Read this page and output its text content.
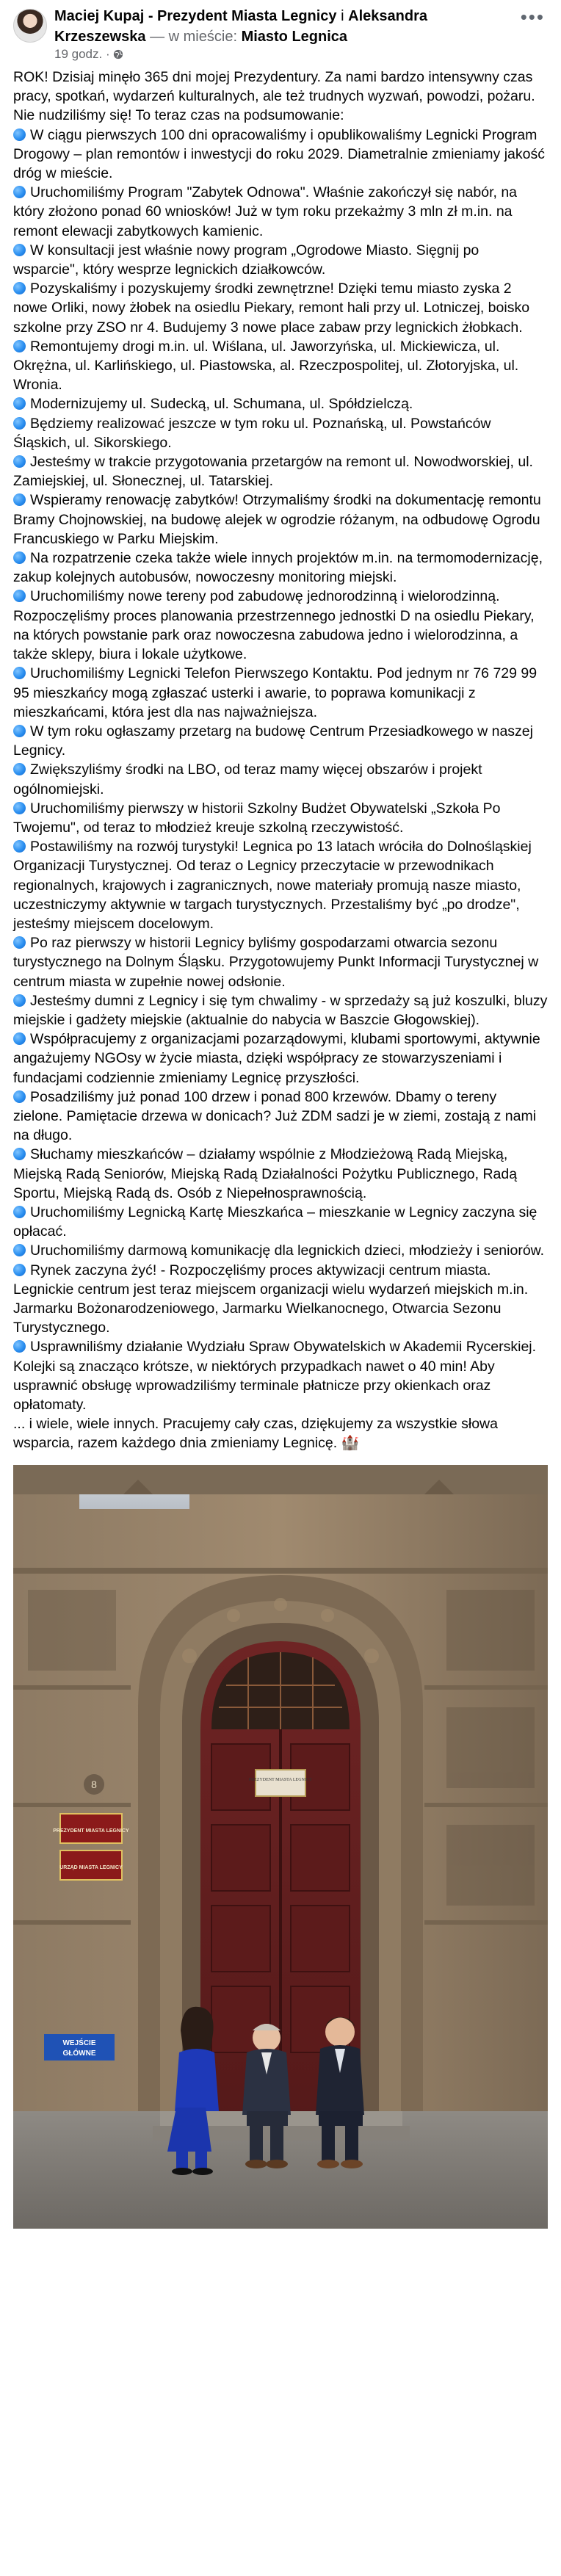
Maciej Kupaj - Prezydent Miasta Legnicy i Aleksandra Krzeszewska — w mieście: Miasto Legnica
19 godz. ·
•••

ROK! Dzisiaj minęło 365 dni mojej Prezydentury. Za nami bardzo intensywny czas pracy, spotkań, wydarzeń kulturalnych, ale też trudnych wyzwań, powodzi, pożaru. Nie nudziliśmy się! To teraz czas na podsumowanie:

W ciągu pierwszych 100 dni opracowaliśmy i opublikowaliśmy Legnicki Program Drogowy – plan remontów i inwestycji do roku 2029. Diametralnie zmieniamy jakość dróg w mieście.

Uruchomiliśmy Program "Zabytek Odnowa". Właśnie zakończył się nabór, na który złożono ponad 60 wniosków! Już w tym roku przekażmy 3 mln zł m.in. na remont elewacji zabytkowych kamienic.

W konsultacji jest właśnie nowy program „Ogrodowe Miasto. Sięgnij po wsparcie", który wesprze legnickich działkowców.

Pozyskaliśmy i pozyskujemy środki zewnętrzne! Dzięki temu miasto zyska 2 nowe Orliki, nowy żłobek na osiedlu Piekary, remont hali przy ul. Lotniczej, boisko szkolne przy ZSO nr 4. Budujemy 3 nowe place zabaw przy legnickich żłobkach.

Remontujemy drogi m.in. ul. Wiślana, ul. Jaworzyńska, ul. Mickiewicza, ul. Okrężna, ul. Karlińskiego, ul. Piastowska, al. Rzeczpospolitej, ul. Złotoryjska, ul. Wronia.

Modernizujemy ul. Sudecką, ul. Schumana, ul. Spółdzielczą.

Będziemy realizować jeszcze w tym roku ul. Poznańską, ul. Powstańców Śląskich, ul. Sikorskiego.

Jesteśmy w trakcie przygotowania przetargów na remont ul. Nowodworskiej, ul. Zamiejskiej, ul. Słonecznej, ul. Tatarskiej.

Wspieramy renowację zabytków! Otrzymaliśmy środki na dokumentację remontu Bramy Chojnowskiej, na budowę alejek w ogrodzie różanym, na odbudowę Ogrodu Francuskiego w Parku Miejskim.

Na rozpatrzenie czeka także wiele innych projektów m.in. na termomodernizację, zakup kolejnych autobusów, nowoczesny monitoring miejski.

Uruchomiliśmy nowe tereny pod zabudowę jednorodzinną i wielorodzinną. Rozpoczęliśmy proces planowania przestrzennego jednostki D na osiedlu Piekary, na których powstanie park oraz nowoczesna zabudowa jedno i wielorodzinna, a także sklepy, biura i lokale użytkowe.

Uruchomiliśmy Legnicki Telefon Pierwszego Kontaktu. Pod jednym nr 76 729 99 95 mieszkańcy mogą zgłaszać usterki i awarie, to poprawa komunikacji z mieszkańcami, która jest dla nas najważniejsza.

W tym roku ogłaszamy przetarg na budowę Centrum Przesiadkowego w naszej Legnicy.

Zwiększyliśmy środki na LBO, od teraz mamy więcej obszarów i projekt ogólnomiejski.

Uruchomiliśmy pierwszy w historii Szkolny Budżet Obywatelski „Szkoła Po Twojemu", od teraz to młodzież kreuje szkolną rzeczywistość.

Postawiliśmy na rozwój turystyki! Legnica po 13 latach wróciła do Dolnośląskiej Organizacji Turystycznej. Od teraz o Legnicy przeczytacie w przewodnikach regionalnych, krajowych i zagranicznych, nowe materiały promują nasze miasto, uczestniczymy aktywnie w targach turystycznych. Przestaliśmy być „po drodze", jesteśmy miejscem docelowym.

Po raz pierwszy w historii Legnicy byliśmy gospodarzami otwarcia sezonu turystycznego na Dolnym Śląsku. Przygotowujemy Punkt Informacji Turystycznej w centrum miasta w zupełnie nowej odsłonie.

Jesteśmy dumni z Legnicy i się tym chwalimy - w sprzedaży są już koszulki, bluzy miejskie i gadżety miejskie (aktualnie do nabycia w Baszcie Głogowskiej).

Współpracujemy z organizacjami pozarządowymi, klubami sportowymi, aktywnie angażujemy NGOsy w życie miasta, dzięki współpracy ze stowarzyszeniami i fundacjami codziennie zmieniamy Legnicę przyszłości.

Posadziliśmy już ponad 100 drzew i ponad 800 krzewów. Dbamy o tereny zielone. Pamiętacie drzewa w donicach? Już ZDM sadzi je w ziemi, zostają z nami na długo.

Słuchamy mieszkańców – działamy wspólnie z Młodzieżową Radą Miejską, Miejską Radą Seniorów, Miejską Radą Działalności Pożytku Publicznego, Radą Sportu, Miejską Radą ds. Osób z Niepełnosprawnością.

Uruchomiliśmy Legnicką Kartę Mieszkańca – mieszkanie w Legnicy zaczyna się opłacać.

Uruchomiliśmy darmową komunikację dla legnickich dzieci, młodzieży i seniorów.

Rynek zaczyna żyć! - Rozpoczęliśmy proces aktywizacji centrum miasta. Legnickie centrum jest teraz miejscem organizacji wielu wydarzeń miejskich m.in. Jarmarku Bożonarodzeniowego, Jarmarku Wielkanocnego, Otwarcia Sezonu Turystycznego.

Usprawniliśmy działanie Wydziału Spraw Obywatelskich w Akademii Rycerskiej. Kolejki są znacząco krótsze, w niektórych przypadkach nawet o 40 min! Aby usprawnić obsługę wprowadziliśmy terminale płatnicze przy okienkach oraz opłatomaty.

... i wiele, wiele innych. Pracujemy cały czas, dziękujemy za wszystkie słowa wsparcia, razem każdego dnia zmieniamy Legnicę. 🏰

PREZYDENT MIASTA LEGNICY
PREZYDENT MIASTA LEGNICY
URZĄD MIASTA LEGNICY
8
WEJŚCIE
GŁÓWNE
